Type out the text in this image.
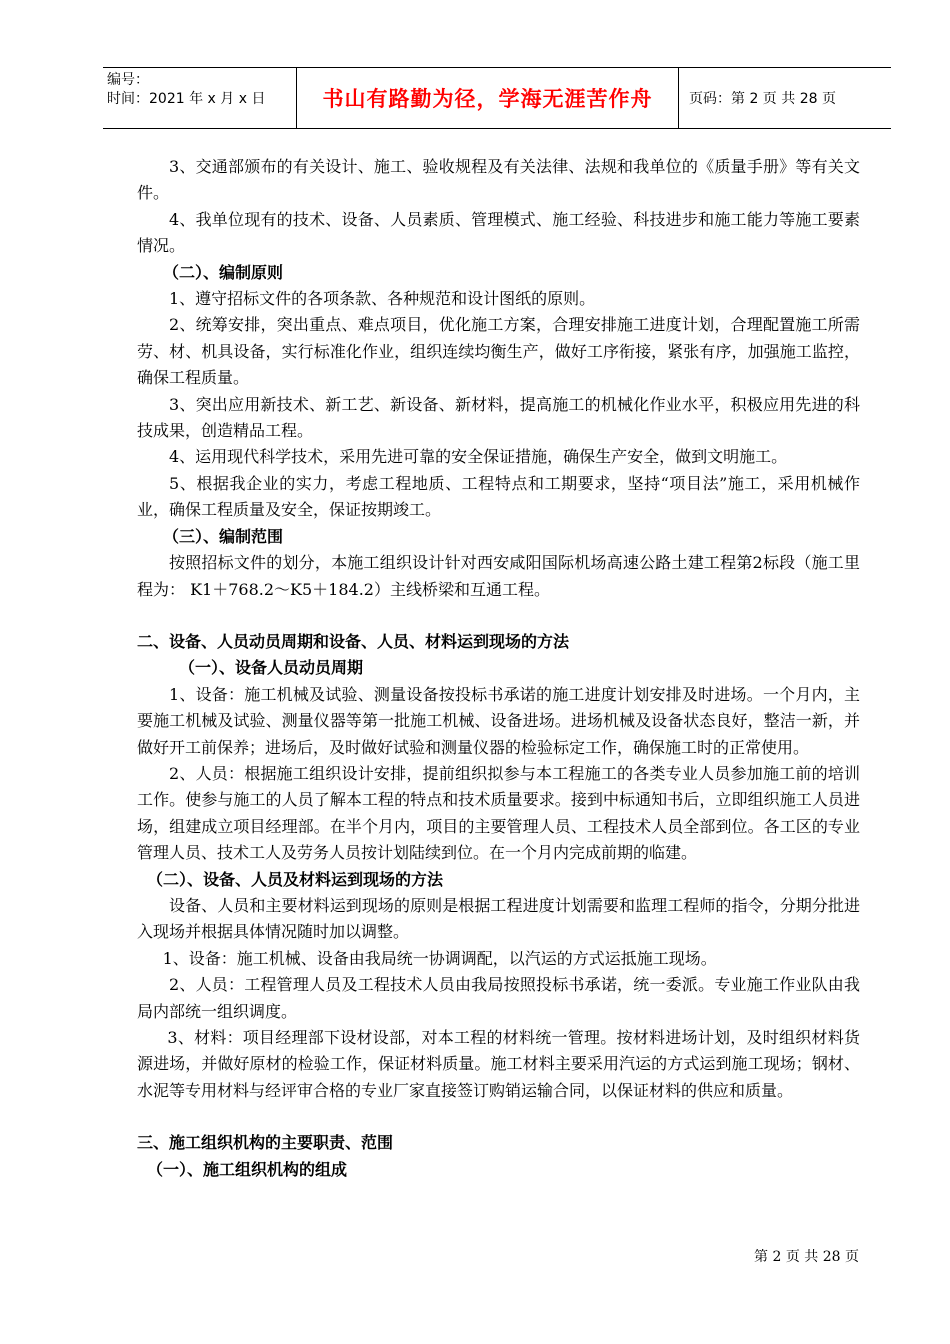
编号：
时间：2021 年 x 月 x 日	书山有路勤为径，学海无涯苦作舟	页码：第 2 页 共 28 页

3、交通部颁布的有关设计、施工、验收规程及有关法律、法规和我单位的《质量手册》等有关文件。

4、我单位现有的技术、设备、人员素质、管理模式、施工经验、科技进步和施工能力等施工要素情况。

（二）、编制原则

1、遵守招标文件的各项条款、各种规范和设计图纸的原则。

2、统筹安排，突出重点、难点项目，优化施工方案，合理安排施工进度计划，合理配置施工所需劳、材、机具设备，实行标准化作业，组织连续均衡生产，做好工序衔接，紧张有序，加强施工监控，确保工程质量。

3、突出应用新技术、新工艺、新设备、新材料，提高施工的机械化作业水平，积极应用先进的科技成果，创造精品工程。

4、运用现代科学技术，采用先进可靠的安全保证措施，确保生产安全，做到文明施工。

5、根据我企业的实力，考虑工程地质、工程特点和工期要求，坚持“项目法”施工，采用机械作业，确保工程质量及安全，保证按期竣工。

（三）、编制范围

按照招标文件的划分，本施工组织设计针对西安咸阳国际机场高速公路土建工程第2标段（施工里程为： K1＋768.2～K5＋184.2）主线桥梁和互通工程。

二、设备、人员动员周期和设备、人员、材料运到现场的方法

（一）、设备人员动员周期

1、设备：施工机械及试验、测量设备按投标书承诺的施工进度计划安排及时进场。一个月内，主要施工机械及试验、测量仪器等第一批施工机械、设备进场。进场机械及设备状态良好，整洁一新，并做好开工前保养；进场后，及时做好试验和测量仪器的检验标定工作，确保施工时的正常使用。

2、人员：根据施工组织设计安排，提前组织拟参与本工程施工的各类专业人员参加施工前的培训工作。使参与施工的人员了解本工程的特点和技术质量要求。接到中标通知书后，立即组织施工人员进场，组建成立项目经理部。在半个月内，项目的主要管理人员、工程技术人员全部到位。各工区的专业管理人员、技术工人及劳务人员按计划陆续到位。在一个月内完成前期的临建。

（二）、设备、人员及材料运到现场的方法

设备、人员和主要材料运到现场的原则是根据工程进度计划需要和监理工程师的指令，分期分批进入现场并根据具体情况随时加以调整。

1、设备：施工机械、设备由我局统一协调调配，以汽运的方式运抵施工现场。

2、人员：工程管理人员及工程技术人员由我局按照投标书承诺，统一委派。专业施工作业队由我局内部统一组织调度。

3、材料：项目经理部下设材设部，对本工程的材料统一管理。按材料进场计划，及时组织材料货源进场，并做好原材的检验工作，保证材料质量。施工材料主要采用汽运的方式运到施工现场；钢材、水泥等专用材料与经评审合格的专业厂家直接签订购销运输合同，以保证材料的供应和质量。

三、施工组织机构的主要职责、范围

（一）、施工组织机构的组成

第 2 页 共 28 页
